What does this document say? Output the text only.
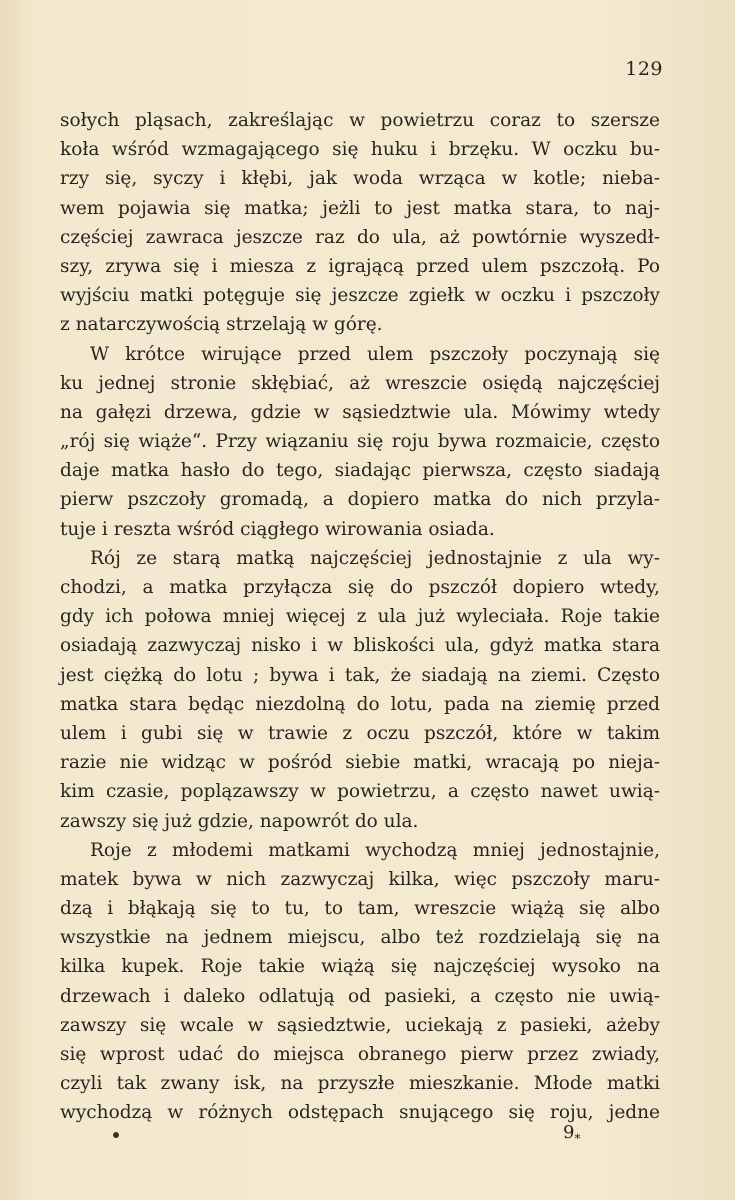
129
sołych pląsach, zakreślając w powietrzu coraz to szersze
koła wśród wzmagającego się huku i brzęku. W oczku bu-
rzy się, syczy i kłębi, jak woda wrząca w kotle; nieba-
wem pojawia się matka; jeżli to jest matka stara, to naj-
częściej zawraca jeszcze raz do ula, aż powtórnie wyszedł-
szy, zrywa się i miesza z igrającą przed ulem pszczołą. Po
wyjściu matki potęguje się jeszcze zgiełk w oczku i pszczoły
z natarczywością strzelają w górę.
W krótce wirujące przed ulem pszczoły poczynają się
ku jednej stronie skłębiać, aż wreszcie osiędą najczęściej
na gałęzi drzewa, gdzie w sąsiedztwie ula. Mówimy wtedy
„rój się wiąże“. Przy wiązaniu się roju bywa rozmaicie, często
daje matka hasło do tego, siadając pierwsza, często siadają
pierw pszczoły gromadą, a dopiero matka do nich przyla-
tuje i reszta wśród ciągłego wirowania osiada.
Rój ze starą matką najczęściej jednostajnie z ula wy-
chodzi, a matka przyłącza się do pszczół dopiero wtedy,
gdy ich połowa mniej więcej z ula już wyleciała. Roje takie
osiadają zazwyczaj nisko i w bliskości ula, gdyż matka stara
jest ciężką do lotu ; bywa i tak, że siadają na ziemi. Często
matka stara będąc niezdolną do lotu, pada na ziemię przed
ulem i gubi się w trawie z oczu pszczół, które w takim
razie nie widząc w pośród siebie matki, wracają po nieja-
kim czasie, poplązawszy w powietrzu, a często nawet uwią-
zawszy się już gdzie, napowrót do ula.
Roje z młodemi matkami wychodzą mniej jednostajnie,
matek bywa w nich zazwyczaj kilka, więc pszczoły maru-
dzą i błąkają się to tu, to tam, wreszcie wiążą się albo
wszystkie na jednem miejscu, albo też rozdzielają się na
kilka kupek. Roje takie wiążą się najczęściej wysoko na
drzewach i daleko odlatują od pasieki, a często nie uwią-
zawszy się wcale w sąsiedztwie, uciekają z pasieki, ażeby
się wprost udać do miejsca obranego pierw przez zwiady,
czyli tak zwany isk, na przyszłe mieszkanie. Młode matki
wychodzą w różnych odstępach snującego się roju, jedne
$9_*$
